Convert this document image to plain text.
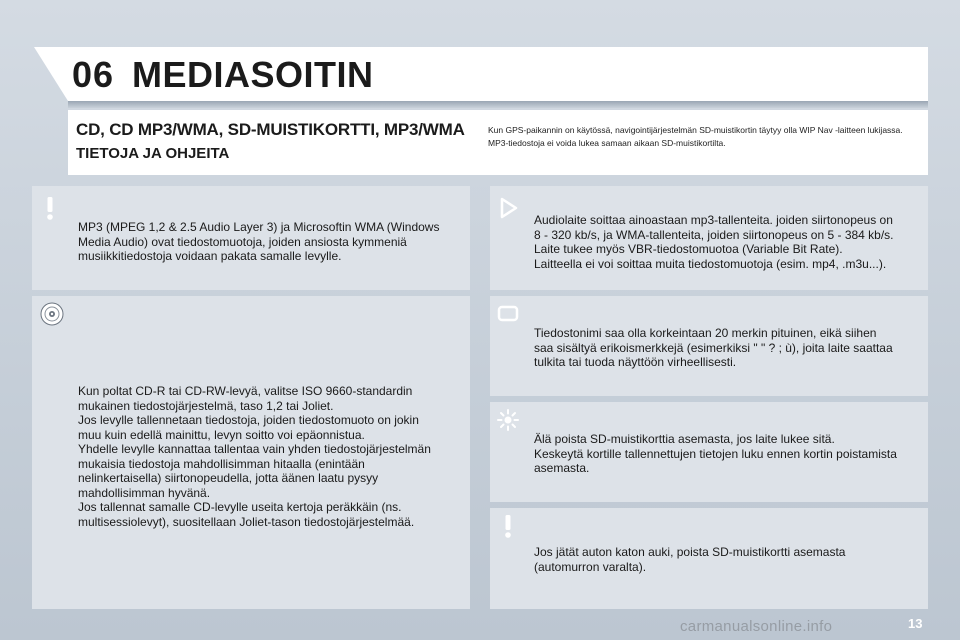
06 MEDIASOITIN
CD, CD MP3/WMA, SD-MUISTIKORTTI, MP3/WMA
TIETOJA JA OHJEITA

Kun GPS-paikannin on käytössä, navigointijärjestelmän SD-muistikortin täytyy olla WIP Nav -laitteen lukijassa.

MP3-tiedostoja ei voida lukea samaan aikaan SD-muistikortilta.

MP3 (MPEG 1,2 & 2.5 Audio Layer 3) ja Microsoftin WMA (Windows
Media Audio) ovat tiedostomuotoja, joiden ansiosta kymmeniä
musiikkitiedostoja voidaan pakata samalle levylle.
Kun poltat CD-R tai CD-RW-levyä, valitse ISO 9660-standardin
mukainen tiedostojärjestelmä, taso 1,2 tai Joliet.
Jos levylle tallennetaan tiedostoja, joiden tiedostomuoto on jokin
muu kuin edellä mainittu, levyn soitto voi epäonnistua.
Yhdelle levylle kannattaa tallentaa vain yhden tiedostojärjestelmän
mukaisia tiedostoja mahdollisimman hitaalla (enintään
nelinkertaisella) siirtonopeudella, jotta äänen laatu pysyy
mahdollisimman hyvänä.
Jos tallennat samalle CD-levylle useita kertoja peräkkäin (ns.
multisessiolevyt), suositellaan Joliet-tason tiedostojärjestelmää.
Audiolaite soittaa ainoastaan mp3-tallenteita. joiden siirtonopeus on
8 - 320 kb/s, ja WMA-tallenteita, joiden siirtonopeus on 5 - 384 kb/s.
Laite tukee myös VBR-tiedostomuotoa (Variable Bit Rate).
Laitteella ei voi soittaa muita tiedostomuotoja (esim. mp4, .m3u...).
Tiedostonimi saa olla korkeintaan 20 merkin pituinen, eikä siihen
saa sisältyä erikoismerkkejä (esimerkiksi " " ? ; ù), joita laite saattaa
tulkita tai tuoda näyttöön virheellisesti.
Älä poista SD-muistikorttia asemasta, jos laite lukee sitä.
Keskeytä kortille tallennettujen tietojen luku ennen kortin poistamista
asemasta.
Jos jätät auton katon auki, poista SD-muistikortti asemasta
(automurron varalta).
carmanualsonline.info	13
